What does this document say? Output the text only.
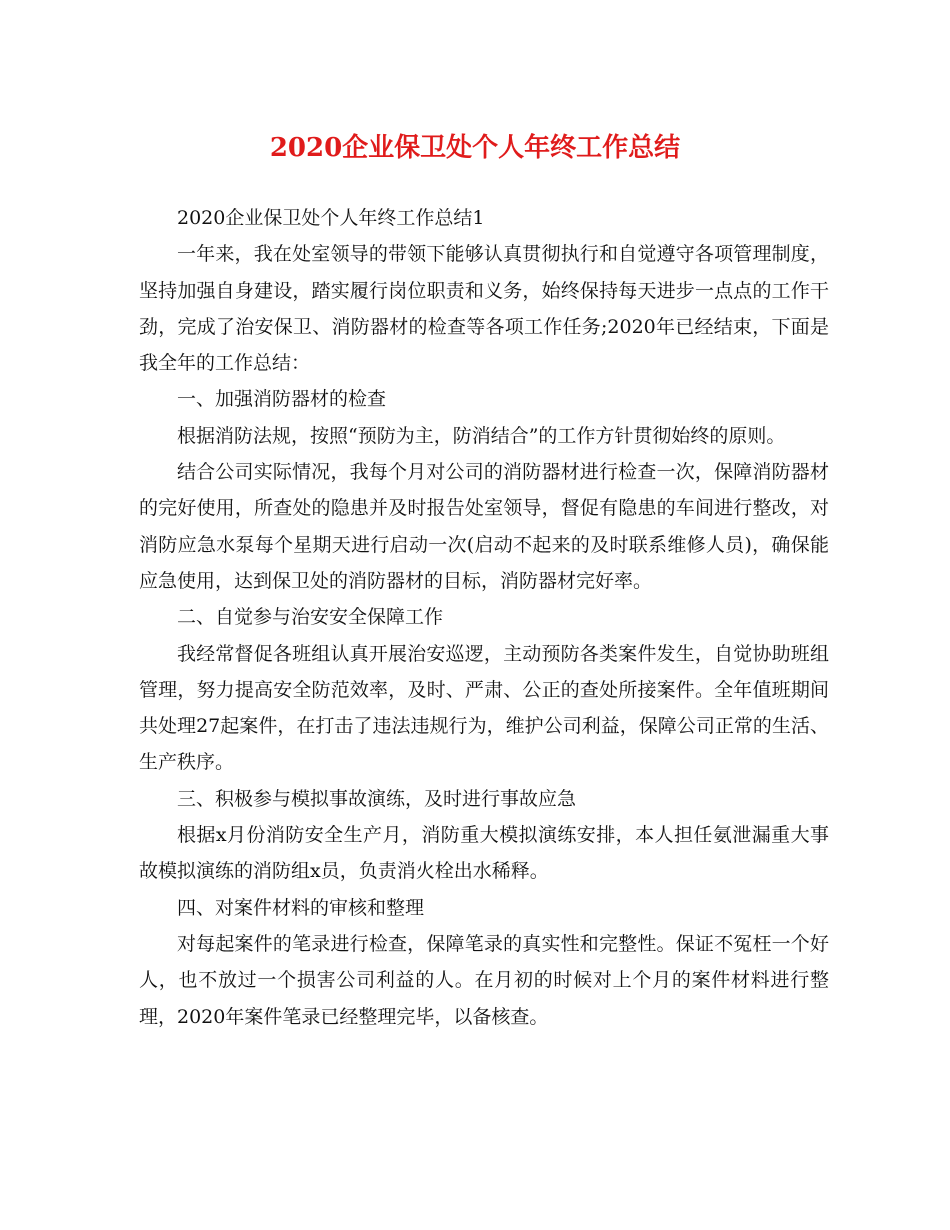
2020企业保卫处个人年终工作总结

2020企业保卫处个人年终工作总结1

一年来，我在处室领导的带领下能够认真贯彻执行和自觉遵守各项管理制度，坚持加强自身建设，踏实履行岗位职责和义务，始终保持每天进步一点点的工作干劲，完成了治安保卫、消防器材的检查等各项工作任务;2020年已经结束，下面是我全年的工作总结：

一、加强消防器材的检查

根据消防法规，按照“预防为主，防消结合”的工作方针贯彻始终的原则。

结合公司实际情况，我每个月对公司的消防器材进行检查一次，保障消防器材的完好使用，所查处的隐患并及时报告处室领导，督促有隐患的车间进行整改，对消防应急水泵每个星期天进行启动一次(启动不起来的及时联系维修人员)，确保能应急使用，达到保卫处的消防器材的目标，消防器材完好率。

二、自觉参与治安安全保障工作

我经常督促各班组认真开展治安巡逻，主动预防各类案件发生，自觉协助班组管理，努力提高安全防范效率，及时、严肃、公正的查处所接案件。全年值班期间共处理27起案件，在打击了违法违规行为，维护公司利益，保障公司正常的生活、生产秩序。

三、积极参与模拟事故演练，及时进行事故应急

根据x月份消防安全生产月，消防重大模拟演练安排，本人担任氨泄漏重大事故模拟演练的消防组x员，负责消火栓出水稀释。

四、对案件材料的审核和整理

对每起案件的笔录进行检查，保障笔录的真实性和完整性。保证不冤枉一个好人，也不放过一个损害公司利益的人。在月初的时候对上个月的案件材料进行整理，2020年案件笔录已经整理完毕，以备核查。
